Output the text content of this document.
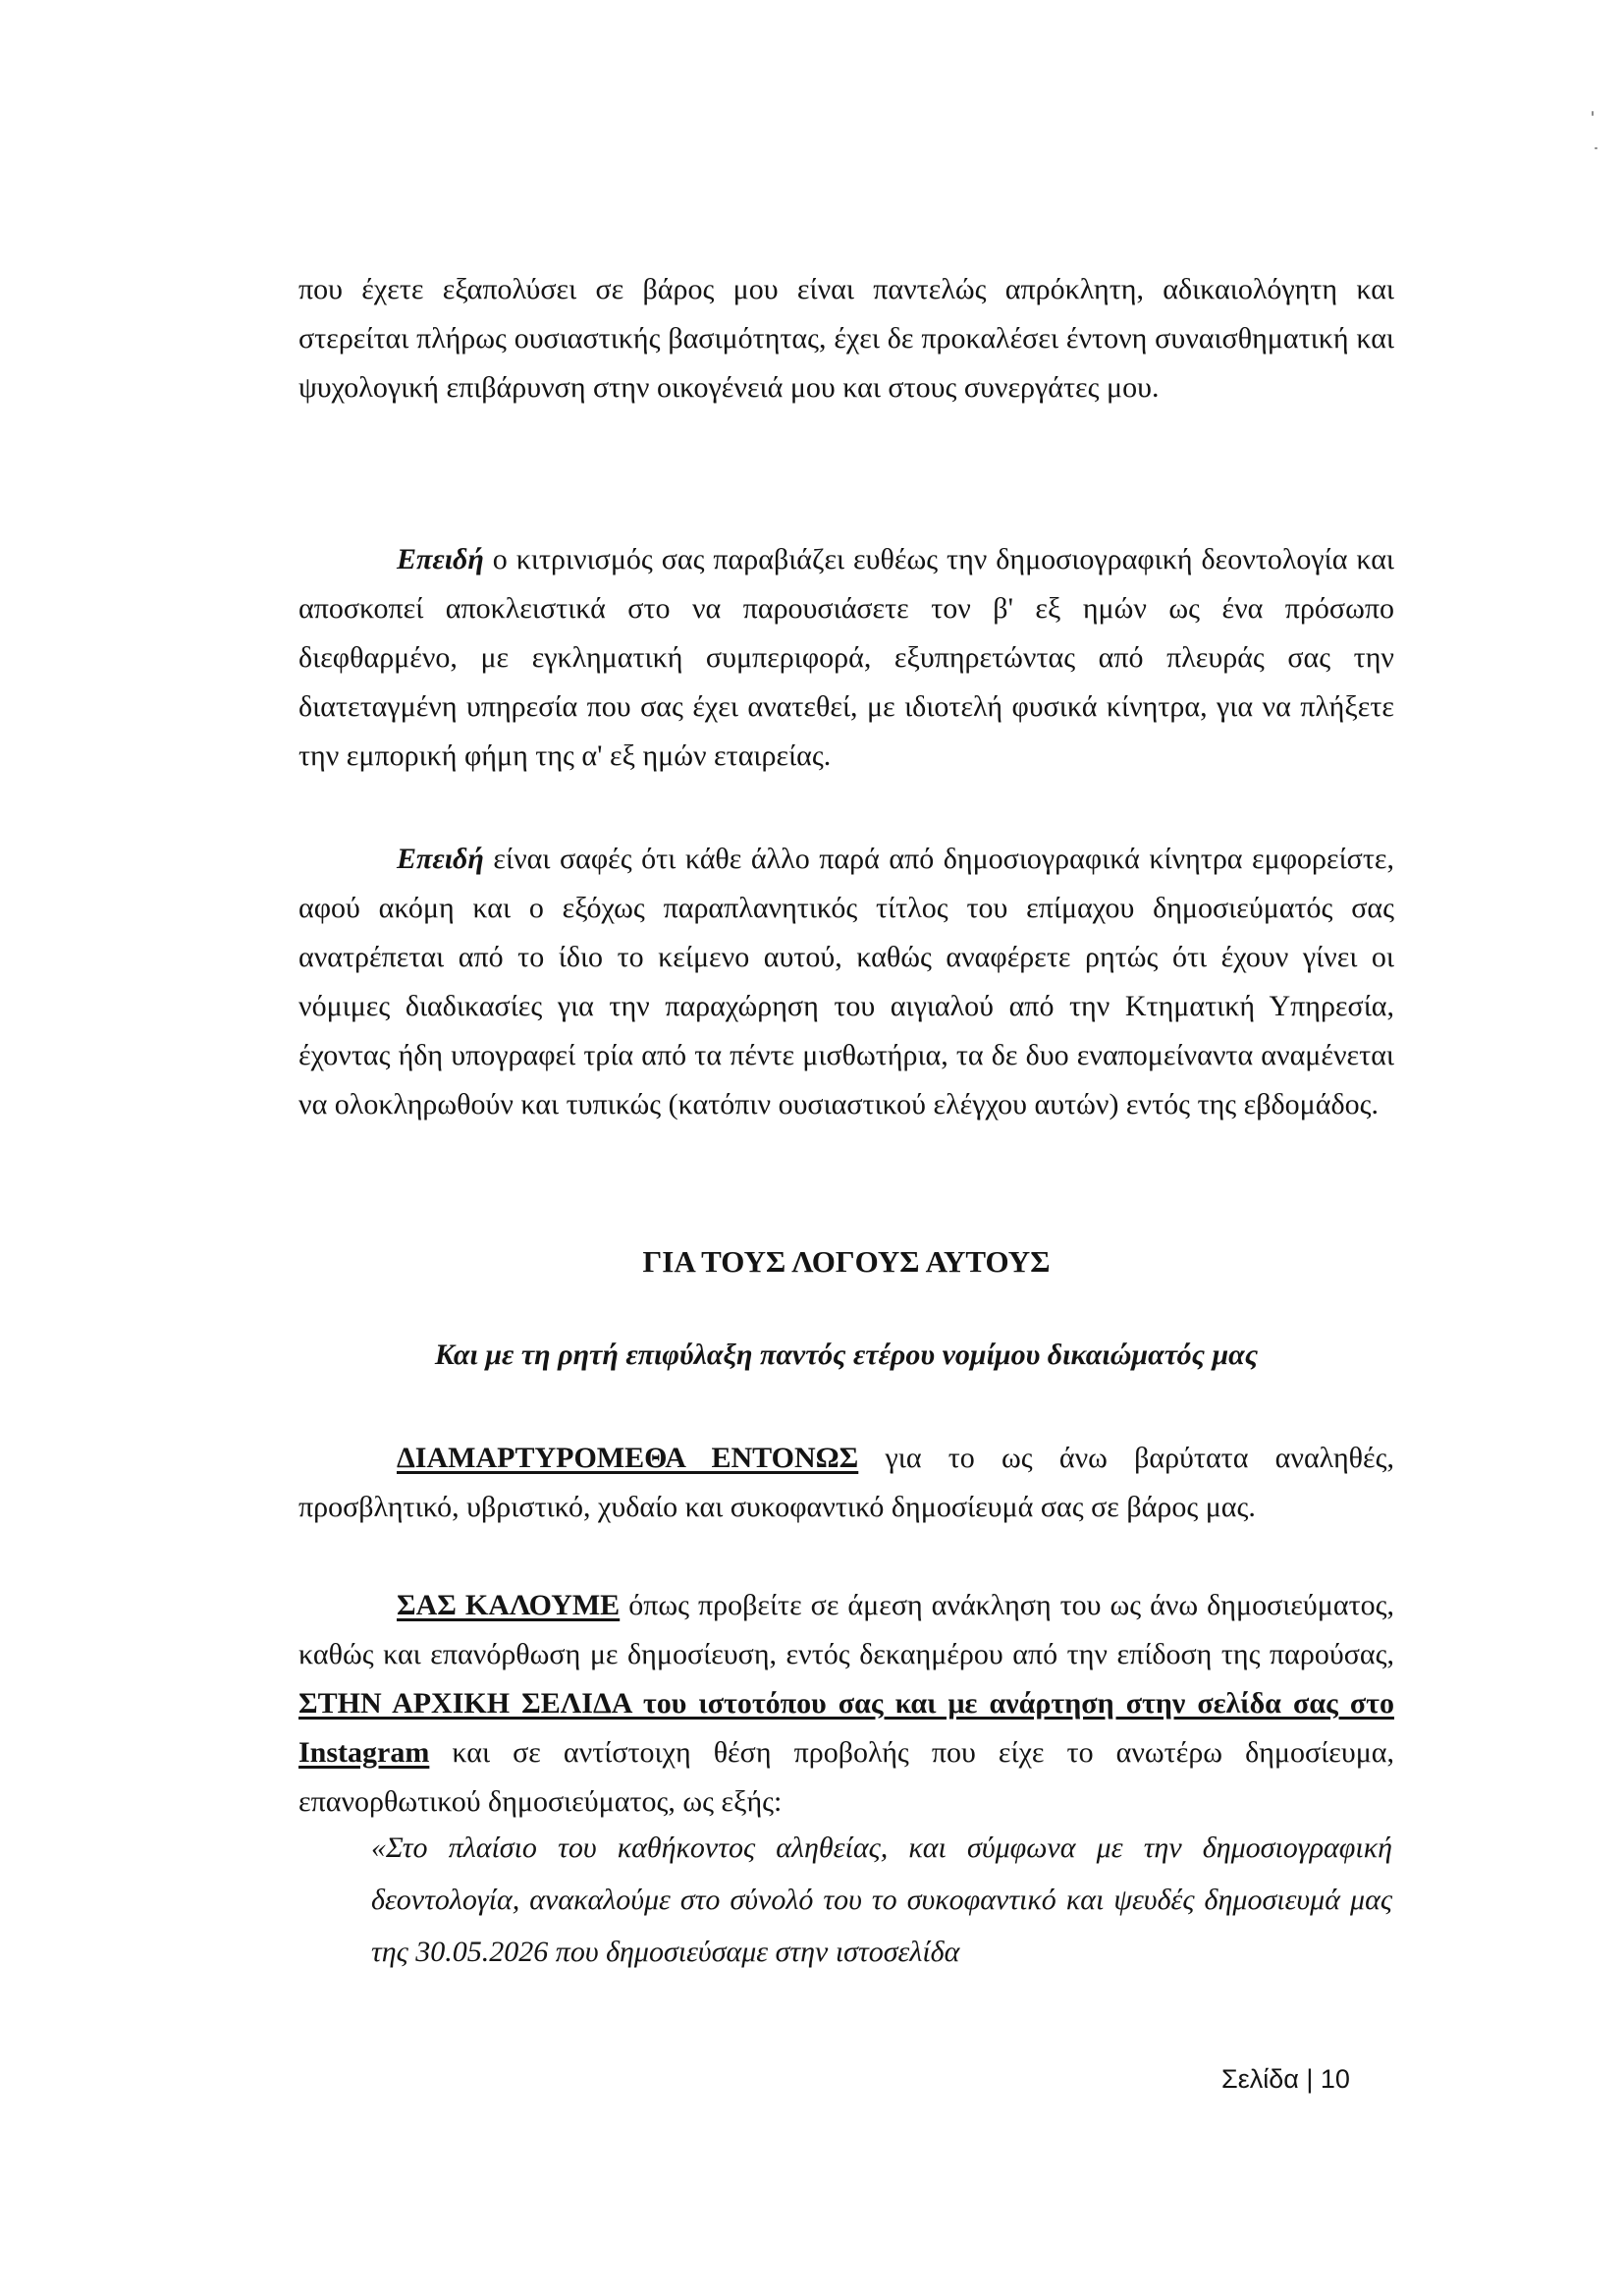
που έχετε εξαπολύσει σε βάρος μου είναι παντελώς απρόκλητη, αδικαιολόγητη και στερείται πλήρως ουσιαστικής βασιμότητας, έχει δε προκαλέσει έντονη συναισθηματική και ψυχολογική επιβάρυνση στην οικογένειά μου και στους συνεργάτες μου.

Επειδή ο κιτρινισμός σας παραβιάζει ευθέως την δημοσιογραφική δεοντολογία και αποσκοπεί αποκλειστικά στο να παρουσιάσετε τον β' εξ ημών ως ένα πρόσωπο διεφθαρμένο, με εγκληματική συμπεριφορά, εξυπηρετώντας από πλευράς σας την διατεταγμένη υπηρεσία που σας έχει ανατεθεί, με ιδιοτελή φυσικά κίνητρα, για να πλήξετε την εμπορική φήμη της α' εξ ημών εταιρείας.

Επειδή είναι σαφές ότι κάθε άλλο παρά από δημοσιογραφικά κίνητρα εμφορείστε, αφού ακόμη και ο εξόχως παραπλανητικός τίτλος του επίμαχου δημοσιεύματός σας ανατρέπεται από το ίδιο το κείμενο αυτού, καθώς αναφέρετε ρητώς ότι έχουν γίνει οι νόμιμες διαδικασίες για την παραχώρηση του αιγιαλού από την Κτηματική Υπηρεσία, έχοντας ήδη υπογραφεί τρία από τα πέντε μισθωτήρια, τα δε δυο εναπομείναντα αναμένεται να ολοκληρωθούν και τυπικώς (κατόπιν ουσιαστικού ελέγχου αυτών) εντός της εβδομάδος.

ΓΙΑ ΤΟΥΣ ΛΟΓΟΥΣ ΑΥΤΟΥΣ

Και με τη ρητή επιφύλαξη παντός ετέρου νομίμου δικαιώματός μας

ΔΙΑΜΑΡΤΥΡΟΜΕΘΑ ΕΝΤΟΝΩΣ για το ως άνω βαρύτατα αναληθές, προσβλητικό, υβριστικό, χυδαίο και συκοφαντικό δημοσίευμά σας σε βάρος μας.

ΣΑΣ ΚΑΛΟΥΜΕ όπως προβείτε σε άμεση ανάκληση του ως άνω δημοσιεύματος, καθώς και επανόρθωση με δημοσίευση, εντός δεκαημέρου από την επίδοση της παρούσας, ΣΤΗΝ ΑΡΧΙΚΗ ΣΕΛΙΔΑ του ιστοτόπου σας και με ανάρτηση στην σελίδα σας στο Instagram και σε αντίστοιχη θέση προβολής που είχε το ανωτέρω δημοσίευμα, επανορθωτικού δημοσιεύματος, ως εξής:

«Στο πλαίσιο του καθήκοντος αληθείας, και σύμφωνα με την δημοσιογραφική δεοντολογία, ανακαλούμε στο σύνολό του το συκοφαντικό και ψευδές δημοσιευμά μας της 30.05.2026 που δημοσιεύσαμε στην ιστοσελίδα

Σελίδα | 10
